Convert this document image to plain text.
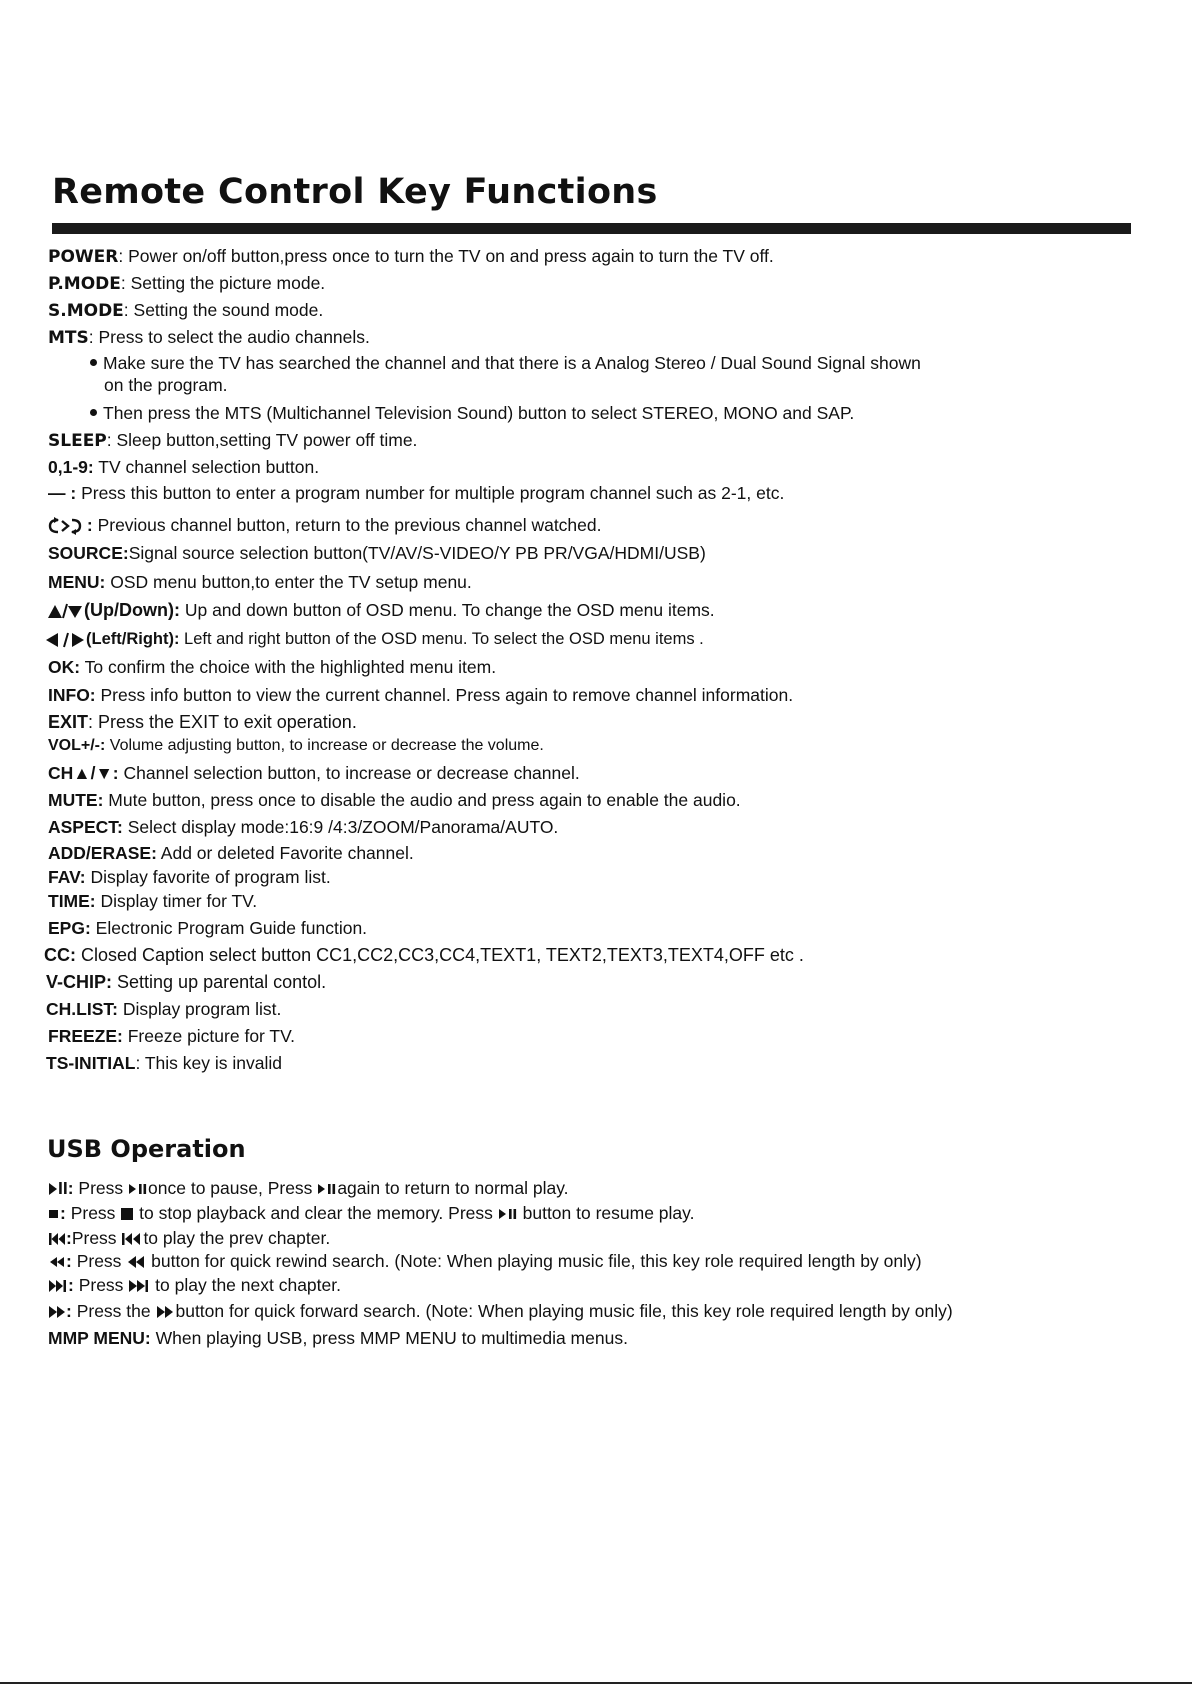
Remote Control Key Functions
POWER: Power on/off button,press once to turn the TV on and press again to turn the TV off.
P.MODE: Setting the picture mode.
S.MODE: Setting the sound mode.
MTS: Press to select the audio channels.
Make sure the TV has searched the channel and that there is a Analog Stereo / Dual Sound Signal shown
on the program.
Then press the MTS (Multichannel Television Sound) button to select STEREO, MONO and SAP.
SLEEP: Sleep button,setting TV power off time.
0,1-9: TV channel selection button.
— : Press this button to enter a program number for multiple program channel such as 2-1, etc.
: Previous channel button, return to the previous channel watched.
SOURCE:Signal source selection button(TV/AV/S-VIDEO/Y PB PR/VGA/HDMI/USB)
MENU: OSD menu button,to enter the TV setup menu.
(Up/Down): Up and down button of OSD menu. To change the OSD menu items.
(Left/Right): Left and right button of the OSD menu. To select the OSD menu items .
OK: To confirm the choice with the highlighted menu item.
INFO: Press info button to view the current channel. Press again to remove channel information.
EXIT: Press the EXIT to exit operation.
VOL+/-: Volume adjusting button, to increase or decrease the volume.
CH▲/▼: Channel selection button, to increase or decrease channel.
MUTE: Mute button, press once to disable the audio and press again to enable the audio.
ASPECT: Select display mode:16:9 /4:3/ZOOM/Panorama/AUTO.
ADD/ERASE: Add or deleted Favorite channel.
FAV: Display favorite of program list.
TIME: Display timer for TV.
EPG: Electronic Program Guide function.
CC: Closed Caption select button CC1,CC2,CC3,CC4,TEXT1, TEXT2,TEXT3,TEXT4,OFF etc .
V-CHIP: Setting up parental contol.
CH.LIST: Display program list.
FREEZE: Freeze picture for TV.
TS-INITIAL: This key is invalid
USB Operation
II: Press
once to pause, Press
again to return to normal play.
: Press
to stop playback and clear the memory. Press
button to resume play.
:Press
to play the prev chapter.
: Press
button for quick rewind search. (Note: When playing music file, this key role required length by only)
: Press
to play the next chapter.
: Press the
button for quick forward search. (Note: When playing music file, this key role required length by only)
MMP MENU: When playing USB, press MMP MENU to multimedia menus.
